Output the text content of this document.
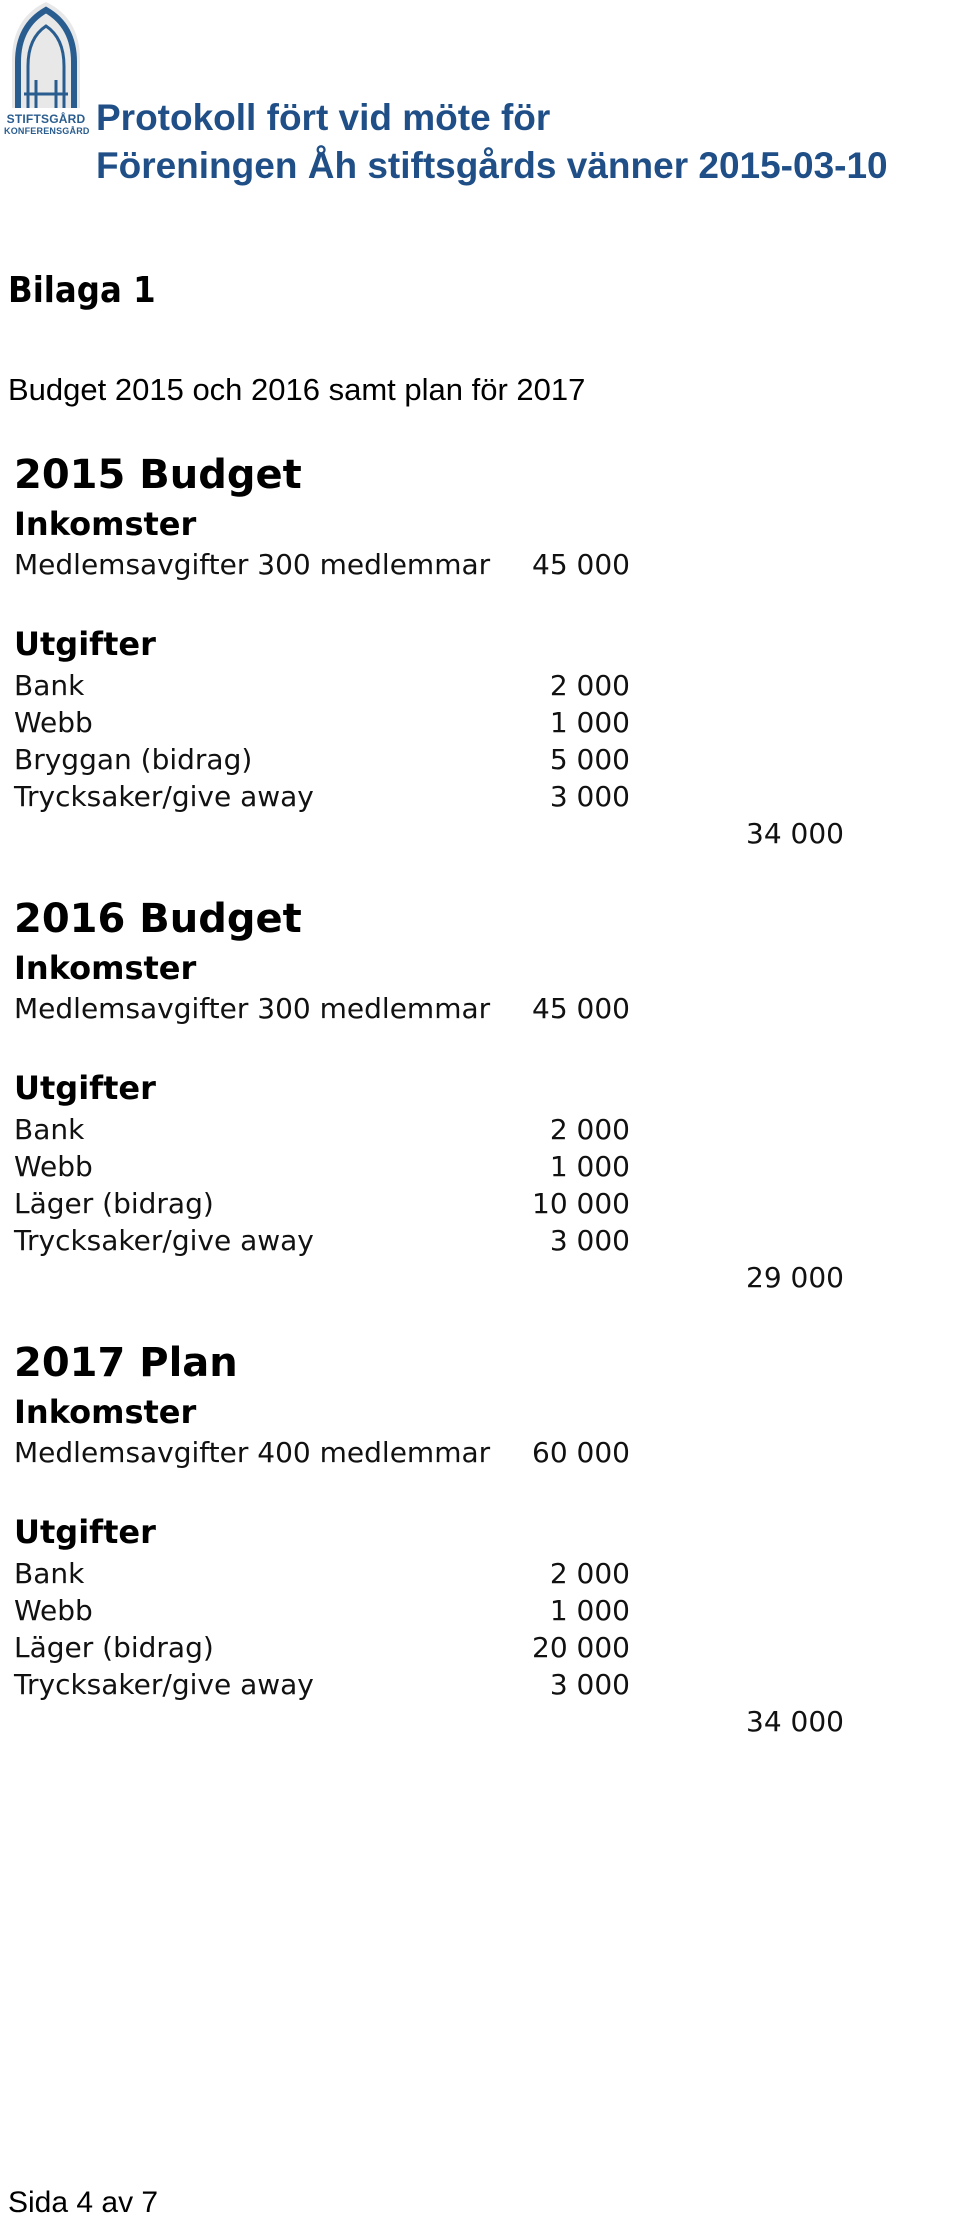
STIFTSGÅRD
KONFERENSGÅRD Protokoll fört vid möte för
Föreningen Åh stiftsgårds vänner 2015-03-10
Bilaga 1
Budget 2015 och 2016 samt plan för 2017
2015 Budget
Inkomster
Medlemsavgifter 300 medlemmar 45 000
Utgifter
Bank	2 000
Webb	1 000
Bryggan (bidrag)	5 000
Trycksaker/give away	3 000
34 000
2016 Budget
Inkomster
Medlemsavgifter 300 medlemmar 45 000
Utgifter
Bank	2 000
Webb	1 000
Läger (bidrag)	10 000
Trycksaker/give away	3 000
29 000
2017 Plan
Inkomster
Medlemsavgifter 400 medlemmar 60 000
Utgifter
Bank	2 000
Webb	1 000
Läger (bidrag)	20 000
Trycksaker/give away	3 000
34 000
Sida 4 av 7
